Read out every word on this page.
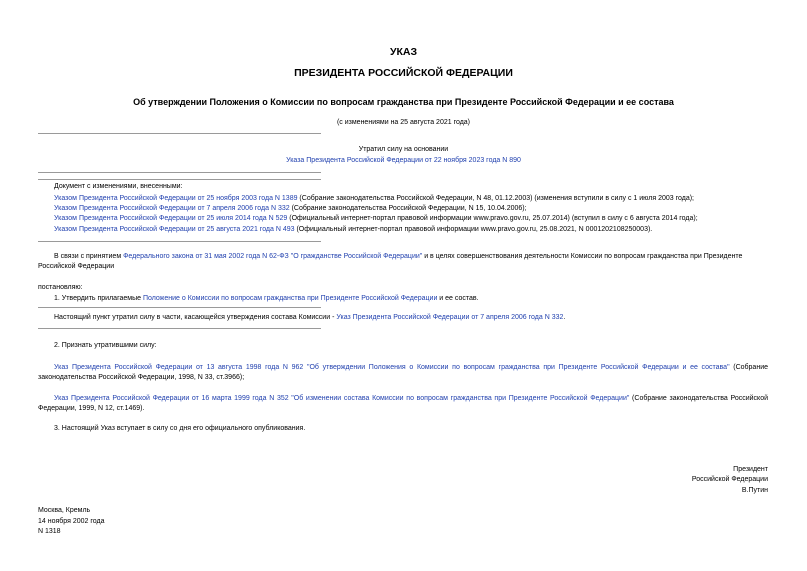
УКАЗ
ПРЕЗИДЕНТА РОССИЙСКОЙ ФЕДЕРАЦИИ
Об утверждении Положения о Комиссии по вопросам гражданства при Президенте Российской Федерации и ее состава
(с изменениями на 25 августа 2021 года)
Утратил силу на основании
Указа Президента Российской Федерации от 22 ноября 2023 года N 890
Документ с изменениями, внесенными:
Указом Президента Российской Федерации от 25 ноября 2003 года N 1389 (Собрание законодательства Российской Федерации, N 48, 01.12.2003) (изменения вступили в силу с 1 июля 2003 года);
Указом Президента Российской Федерации от 7 апреля 2006 года N 332 (Собрание законодательства Российской Федерации, N 15, 10.04.2006);
Указом Президента Российской Федерации от 25 июля 2014 года N 529 (Официальный интернет-портал правовой информации www.pravo.gov.ru, 25.07.2014) (вступил в силу с 6 августа 2014 года);
Указом Президента Российской Федерации от 25 августа 2021 года N 493 (Официальный интернет-портал правовой информации www.pravo.gov.ru, 25.08.2021, N 0001202108250003).
В связи с принятием Федерального закона от 31 мая 2002 года N 62-ФЗ "О гражданстве Российской Федерации" и в целях совершенствования деятельности Комиссии по вопросам гражданства при Президенте Российской Федерации
постановляю:
1. Утвердить прилагаемые Положение о Комиссии по вопросам гражданства при Президенте Российской Федерации и ее состав.
Настоящий пункт утратил силу в части, касающейся утверждения состава Комиссии - Указ Президента Российской Федерации от 7 апреля 2006 года N 332.
2. Признать утратившими силу:
Указ Президента Российской Федерации от 13 августа 1998 года N 962 "Об утверждении Положения о Комиссии по вопросам гражданства при Президенте Российской Федерации и ее состава" (Собрание законодательства Российской Федерации, 1998, N 33, ст.3966);
Указ Президента Российской Федерации от 16 марта 1999 года N 352 "Об изменении состава Комиссии по вопросам гражданства при Президенте Российской Федерации" (Собрание законодательства Российской Федерации, 1999, N 12, ст.1469).
3. Настоящий Указ вступает в силу со дня его официального опубликования.
Президент
Российской Федерации
В.Путин
Москва, Кремль
14 ноября 2002 года
N 1318
